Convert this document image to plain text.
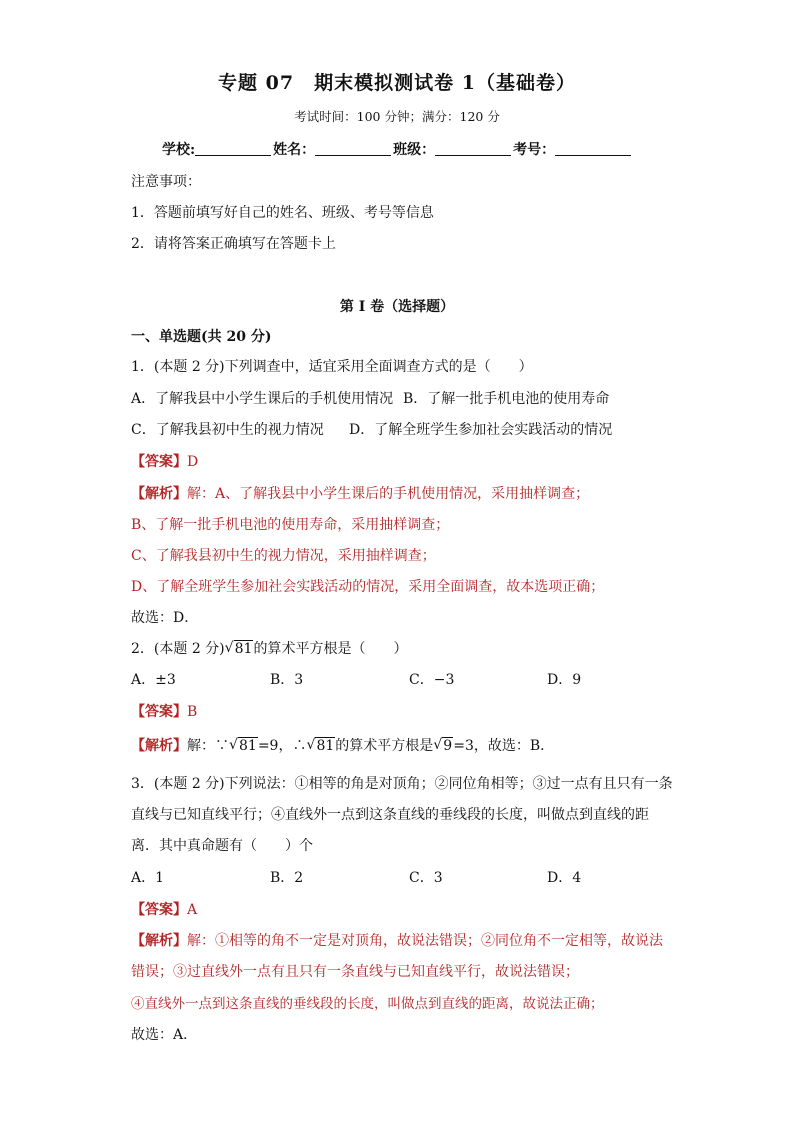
专题 07　期末模拟测试卷 1（基础卷）
考试时间：100 分钟；满分：120 分
学校:	姓名：	班级：	考号：
注意事项：
1．答题前填写好自己的姓名、班级、考号等信息
2．请将答案正确填写在答题卡上
第 I 卷（选择题）
一、单选题(共 20 分)
1．(本题 2 分)下列调查中，适宜采用全面调查方式的是（　　）
A．了解我县中小学生课后的手机使用情况 B．了解一批手机电池的使用寿命
C．了解我县初中生的视力情况 D．了解全班学生参加社会实践活动的情况
【答案】D
【解析】解：A、了解我县中小学生课后的手机使用情况，采用抽样调查；
B、了解一批手机电池的使用寿命，采用抽样调查；
C、了解我县初中生的视力情况，采用抽样调查；
D、了解全班学生参加社会实践活动的情况，采用全面调查，故本选项正确；
故选：D．
2．(本题 2 分) √ 81的算术平方根是（　　）
A．±3	B．3	C．−3	D．9
【答案】B
【解析】解：∵ √ 81=9，∴ √ 81的算术平方根是 √ 9=3，故选：B．
3．(本题 2 分)下列说法：①相等的角是对顶角；②同位角相等；③过一点有且只有一条
直线与已知直线平行；④直线外一点到这条直线的垂线段的长度，叫做点到直线的距
离．其中真命题有（　　）个
A．1	B．2	C．3	D．4
【答案】A
【解析】解：①相等的角不一定是对顶角，故说法错误；②同位角不一定相等，故说法
错误；③过直线外一点有且只有一条直线与已知直线平行，故说法错误；
④直线外一点到这条直线的垂线段的长度，叫做点到直线的距离，故说法正确；
故选：A．
